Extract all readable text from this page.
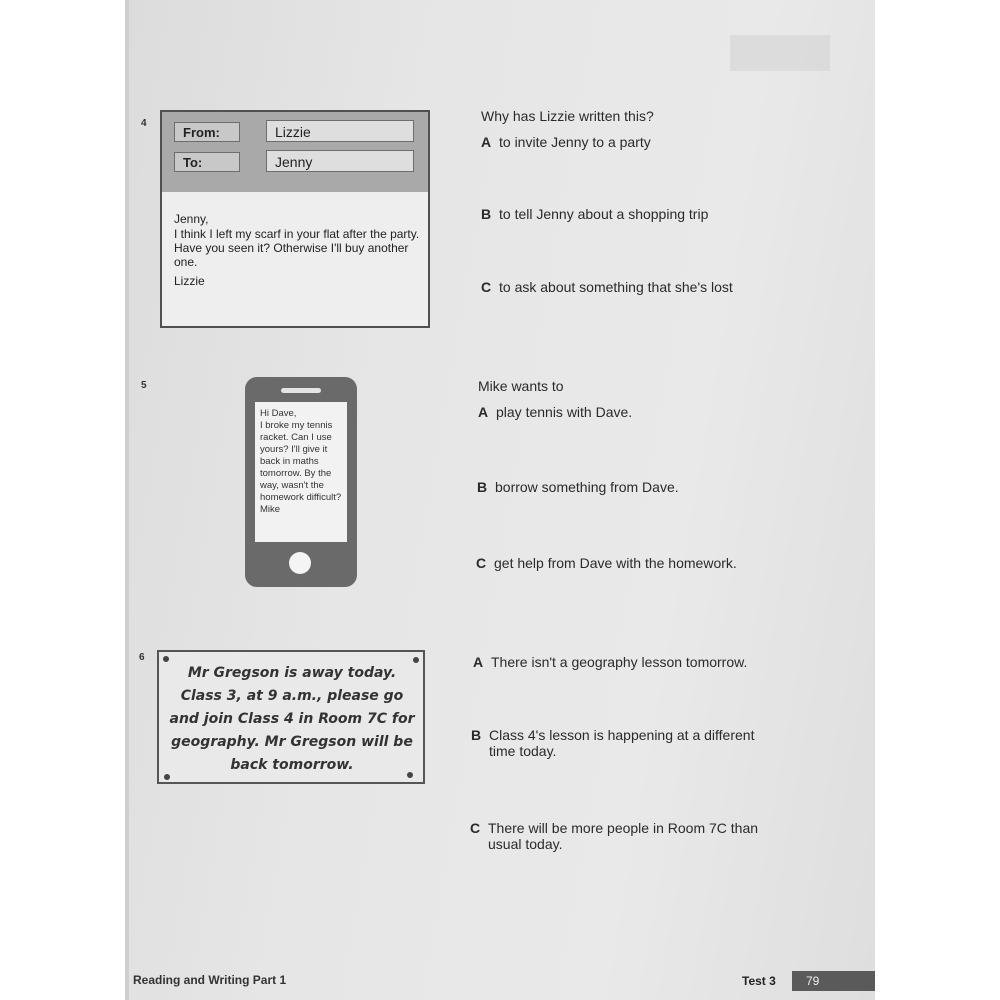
4
From:	Lizzie
To:	Jenny
Jenny,
I think I left my scarf in your flat after the party. Have you seen it? Otherwise I'll buy another one.
Lizzie
Why has Lizzie written this?
A to invite Jenny to a party
B to tell Jenny about a shopping trip
C to ask about something that she's lost
5
Hi Dave,
I broke my tennis racket. Can I use yours? I'll give it back in maths tomorrow. By the way, wasn't the homework difficult?
Mike
Mike wants to
A play tennis with Dave.
B borrow something from Dave.
C get help from Dave with the homework.
6
Mr Gregson is away today. Class 3, at 9 a.m., please go and join Class 4 in Room 7C for geography. Mr Gregson will be back tomorrow.
A There isn't a geography lesson tomorrow.
B Class 4's lesson is happening at a different time today.
C There will be more people in Room 7C than usual today.
Reading and Writing Part 1	Test 3	79
